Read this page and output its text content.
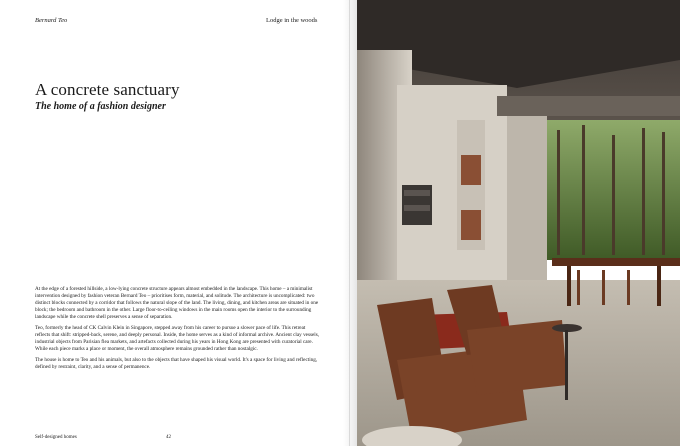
Bernard Teo	Lodge in the woods
A concrete sanctuary
The home of a fashion designer

At the edge of a forested hillside, a low-lying concrete structure appears almost embedded in the landscape. This home – a minimalist intervention designed by fashion veteran Bernard Teo – prioritises form, material, and solitude. The architecture is uncomplicated: two distinct blocks connected by a corridor that follows the natural slope of the land. The living, dining, and kitchen areas are situated in one block; the bedroom and bathroom in the other. Large floor-to-ceiling windows in the main rooms open the interior to the surrounding landscape while the concrete shell preserves a sense of separation.

Teo, formerly the head of CK Calvin Klein in Singapore, stepped away from his career to pursue a slower pace of life. This retreat reflects that shift: stripped-back, serene, and deeply personal. Inside, the home serves as a kind of informal archive. Ancient clay vessels, industrial objects from Parisian flea markets, and artefacts collected during his years in Hong Kong are presented with curatorial care. While each piece marks a place or moment, the overall atmosphere remains grounded rather than nostalgic.

The house is home to Teo and his animals, but also to the objects that have shaped his visual world. It's a space for living and reflecting, defined by restraint, clarity, and a sense of permanence.

Self-designed homes	42
